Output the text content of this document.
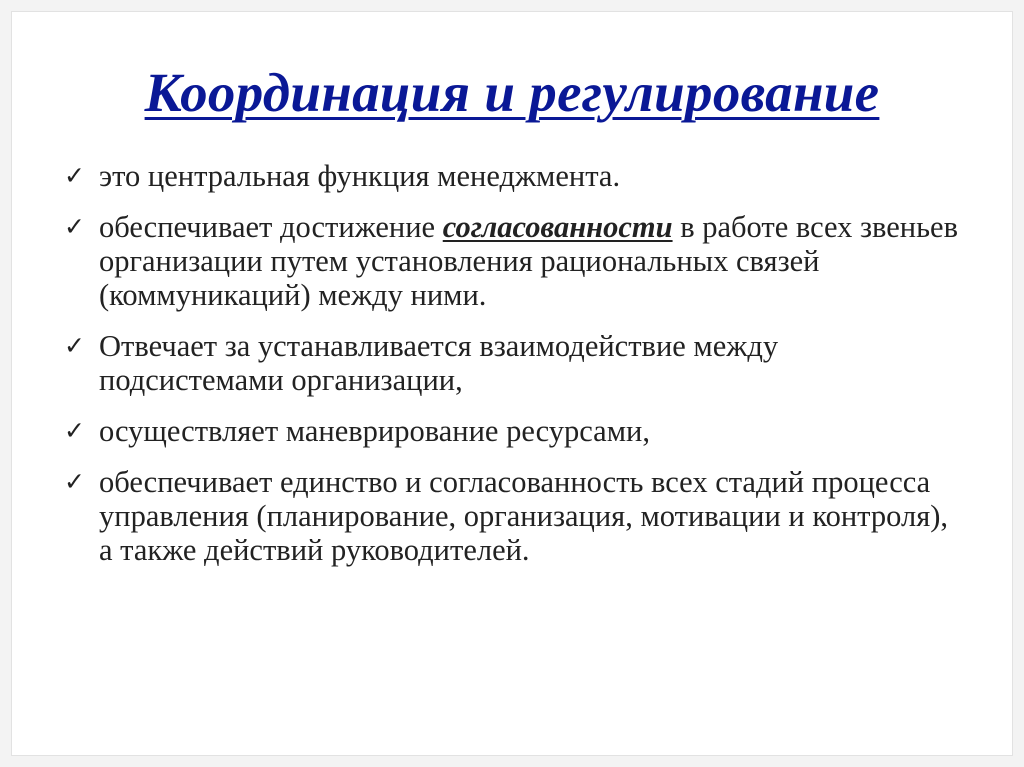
Координация и регулирование
✓ это центральная функция менеджмента.
✓ обеспечивает достижение согласованности в работе всех звеньев организации путем установления рациональных связей (коммуникаций) между ними.
✓ Отвечает за устанавливается взаимодействие между подсистемами организации,
✓ осуществляет маневрирование ресурсами,
✓ обеспечивает единство и согласованность всех стадий процесса управления (планирование, организация, мотивации и контроля), а также действий руководителей.
